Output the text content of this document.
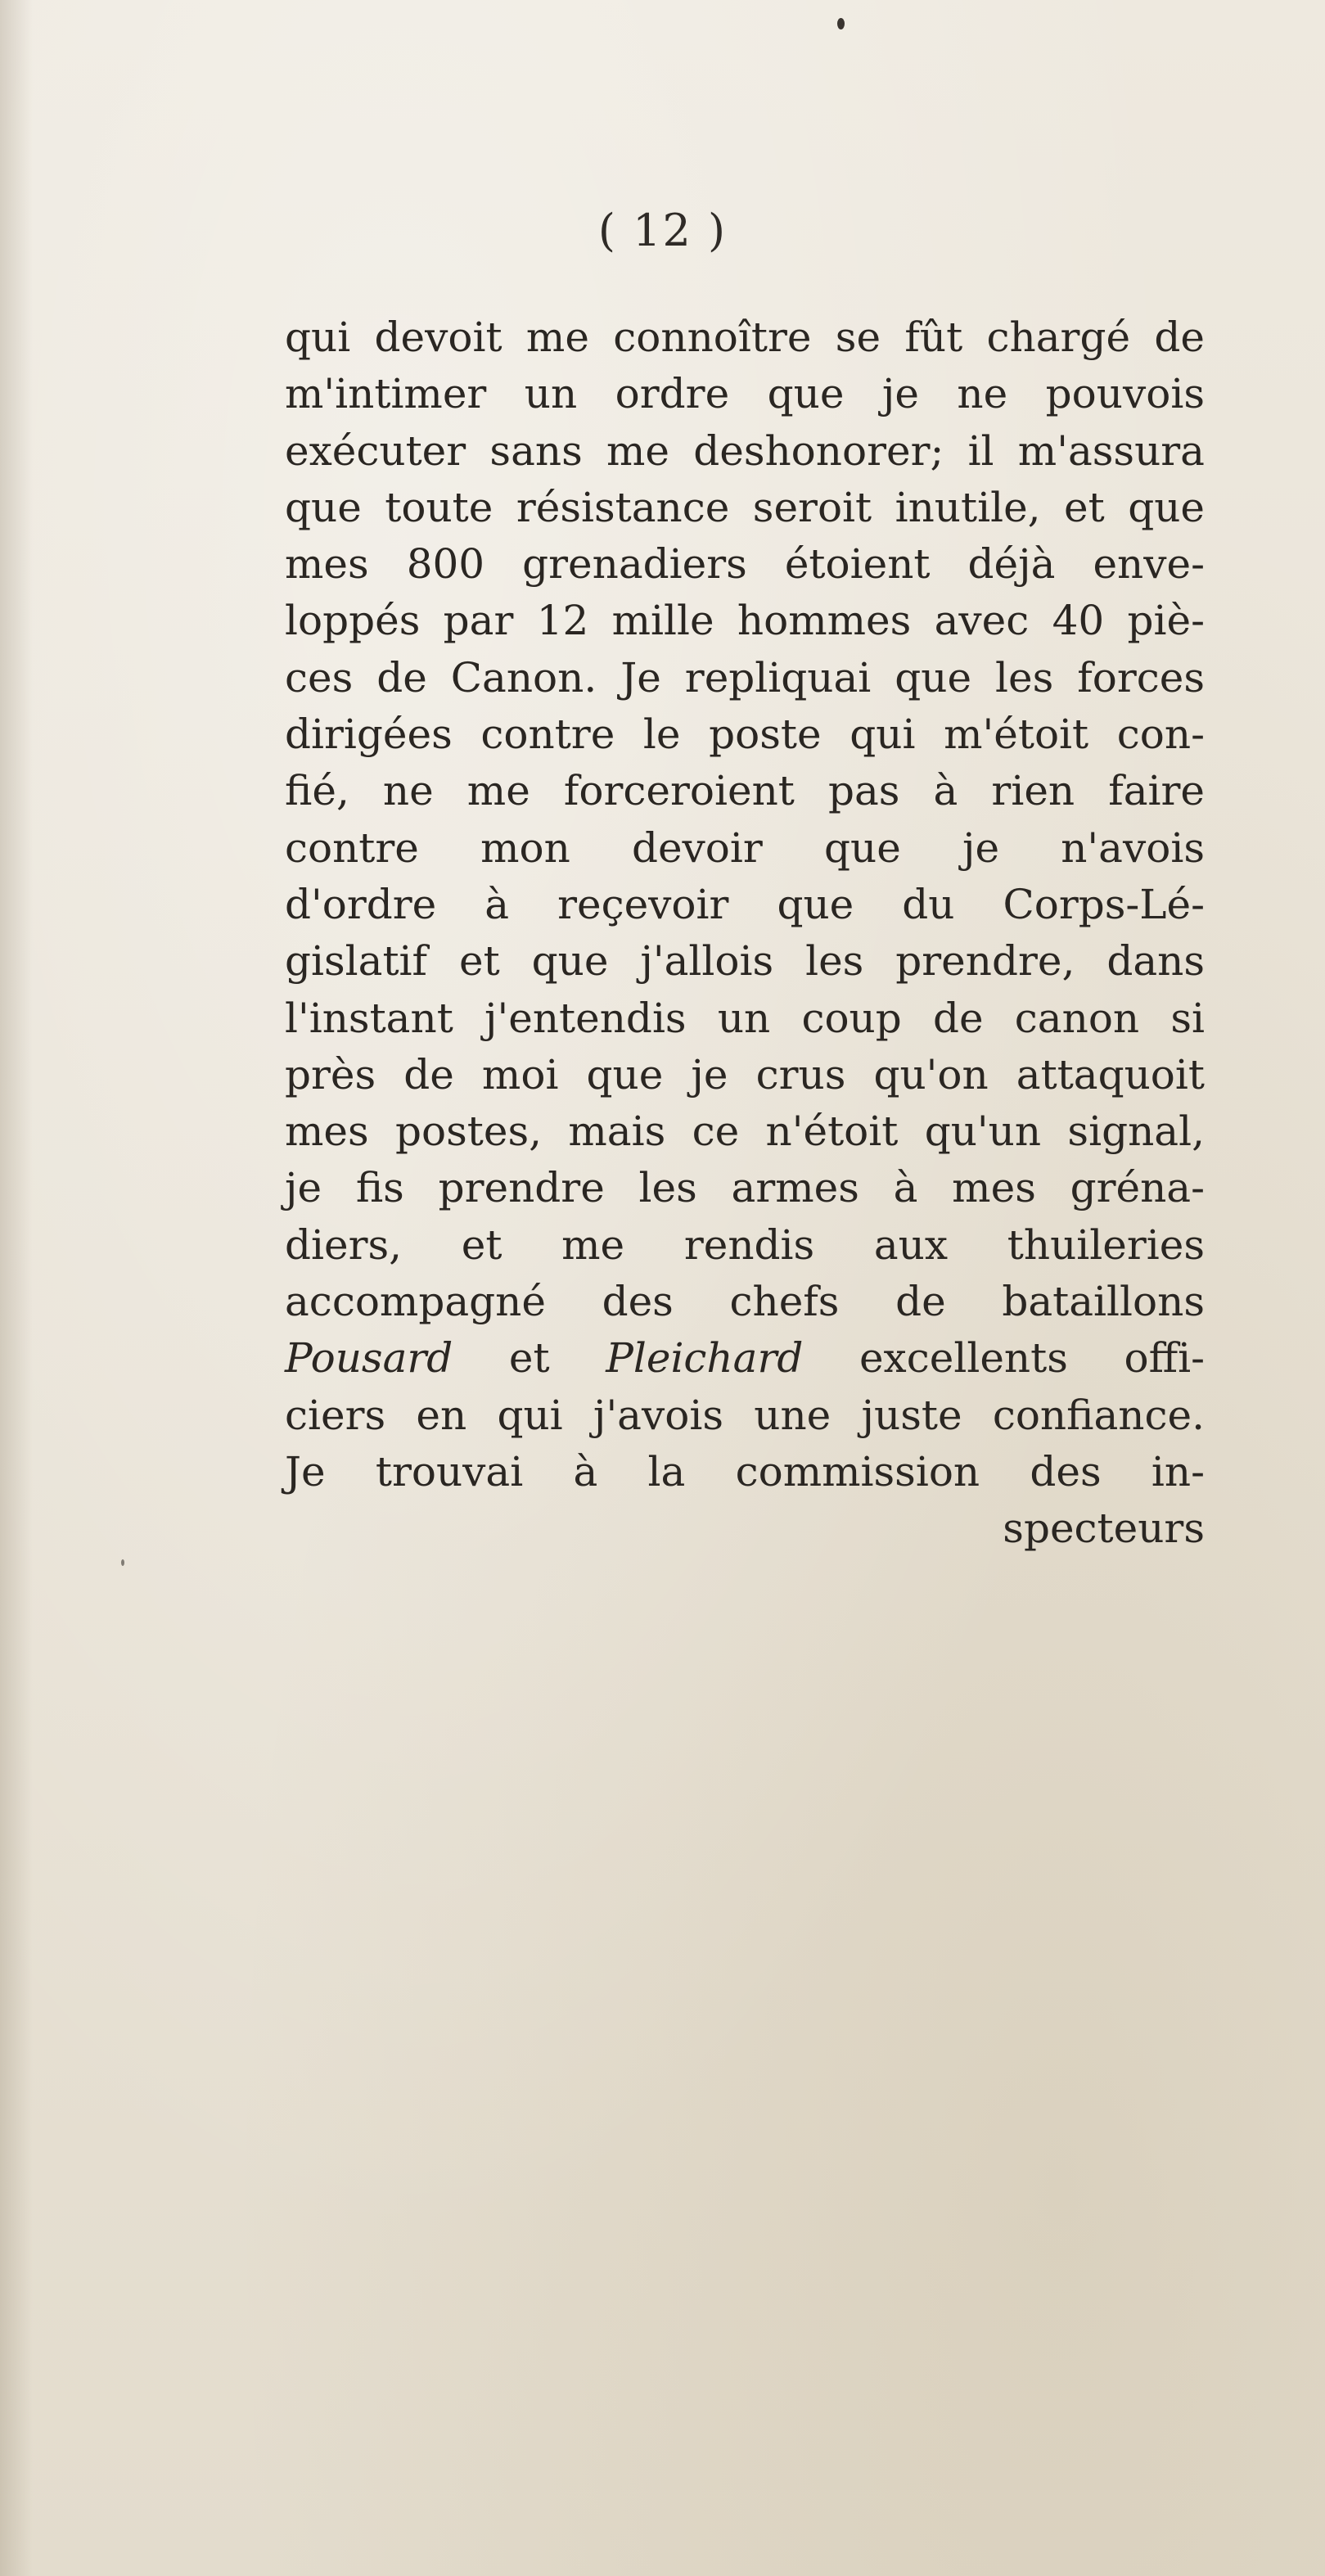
( 12 )
qui devoit me connoître se fût chargé de
m'intimer un ordre que je ne pouvois
exécuter sans me deshonorer; il m'assura
que toute résistance seroit inutile, et que
mes 800 grenadiers étoient déjà enve-
loppés par 12 mille hommes avec 40 piè-
ces de Canon. Je repliquai que les forces
dirigées contre le poste qui m'étoit con-
fié, ne me forceroient pas à rien faire
contre mon devoir que je n'avois
d'ordre à reçevoir que du Corps-Lé-
gislatif et que j'allois les prendre, dans
l'instant j'entendis un coup de canon si
près de moi que je crus qu'on attaquoit
mes postes, mais ce n'étoit qu'un signal,
je fis prendre les armes à mes gréna-
diers, et me rendis aux thuileries
accompagné des chefs de bataillons
Pousard et Pleichard excellents offi-
ciers en qui j'avois une juste confiance.
Je trouvai à la commission des in-
specteurs
